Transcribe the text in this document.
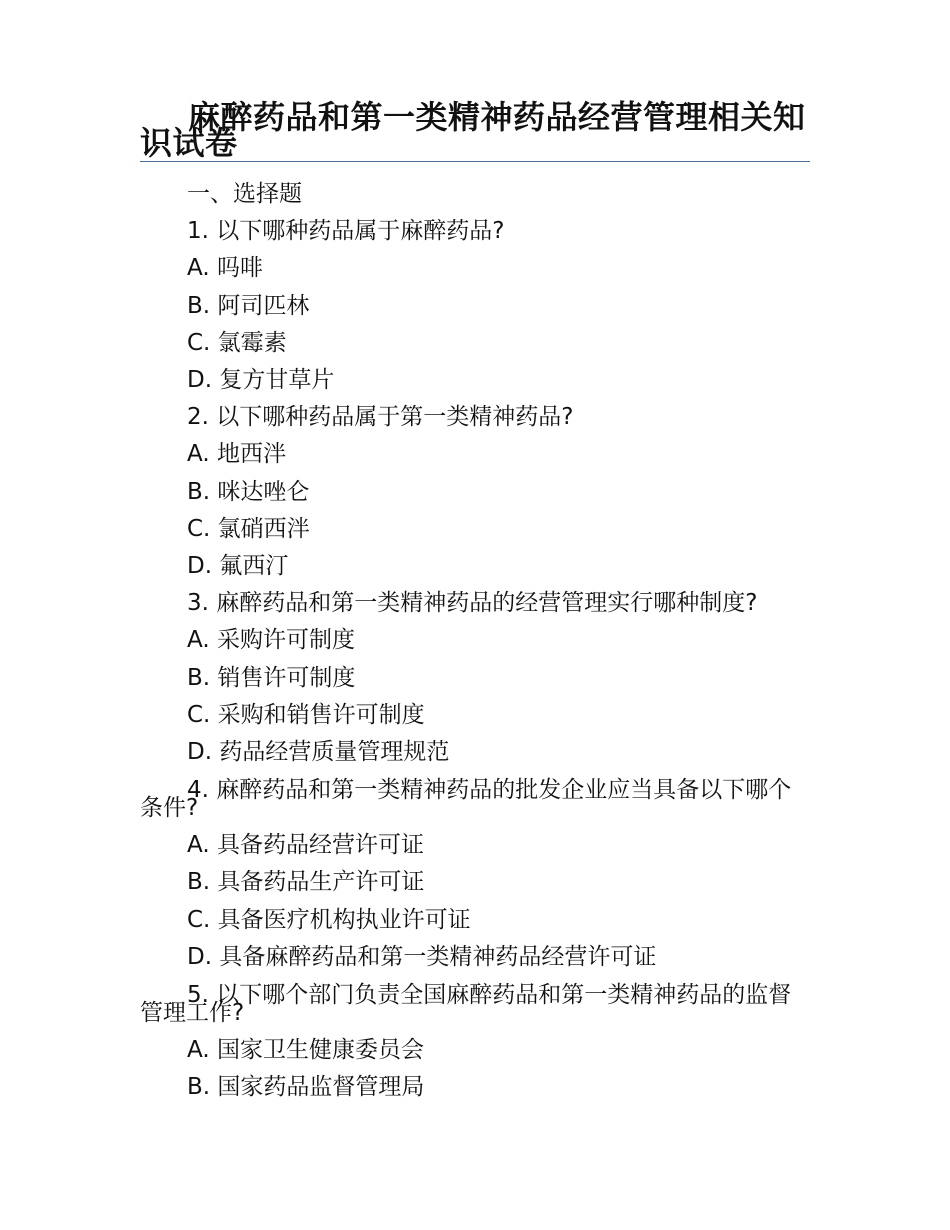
麻醉药品和第一类精神药品经营管理相关知识试卷
一、选择题
1. 以下哪种药品属于麻醉药品?
A. 吗啡
B. 阿司匹林
C. 氯霉素
D. 复方甘草片
2. 以下哪种药品属于第一类精神药品?
A. 地西泮
B. 咪达唑仑
C. 氯硝西泮
D. 氟西汀
3. 麻醉药品和第一类精神药品的经营管理实行哪种制度?
A. 采购许可制度
B. 销售许可制度
C. 采购和销售许可制度
D. 药品经营质量管理规范
4. 麻醉药品和第一类精神药品的批发企业应当具备以下哪个条件?
A. 具备药品经营许可证
B. 具备药品生产许可证
C. 具备医疗机构执业许可证
D. 具备麻醉药品和第一类精神药品经营许可证
5. 以下哪个部门负责全国麻醉药品和第一类精神药品的监督管理工作?
A. 国家卫生健康委员会
B. 国家药品监督管理局
